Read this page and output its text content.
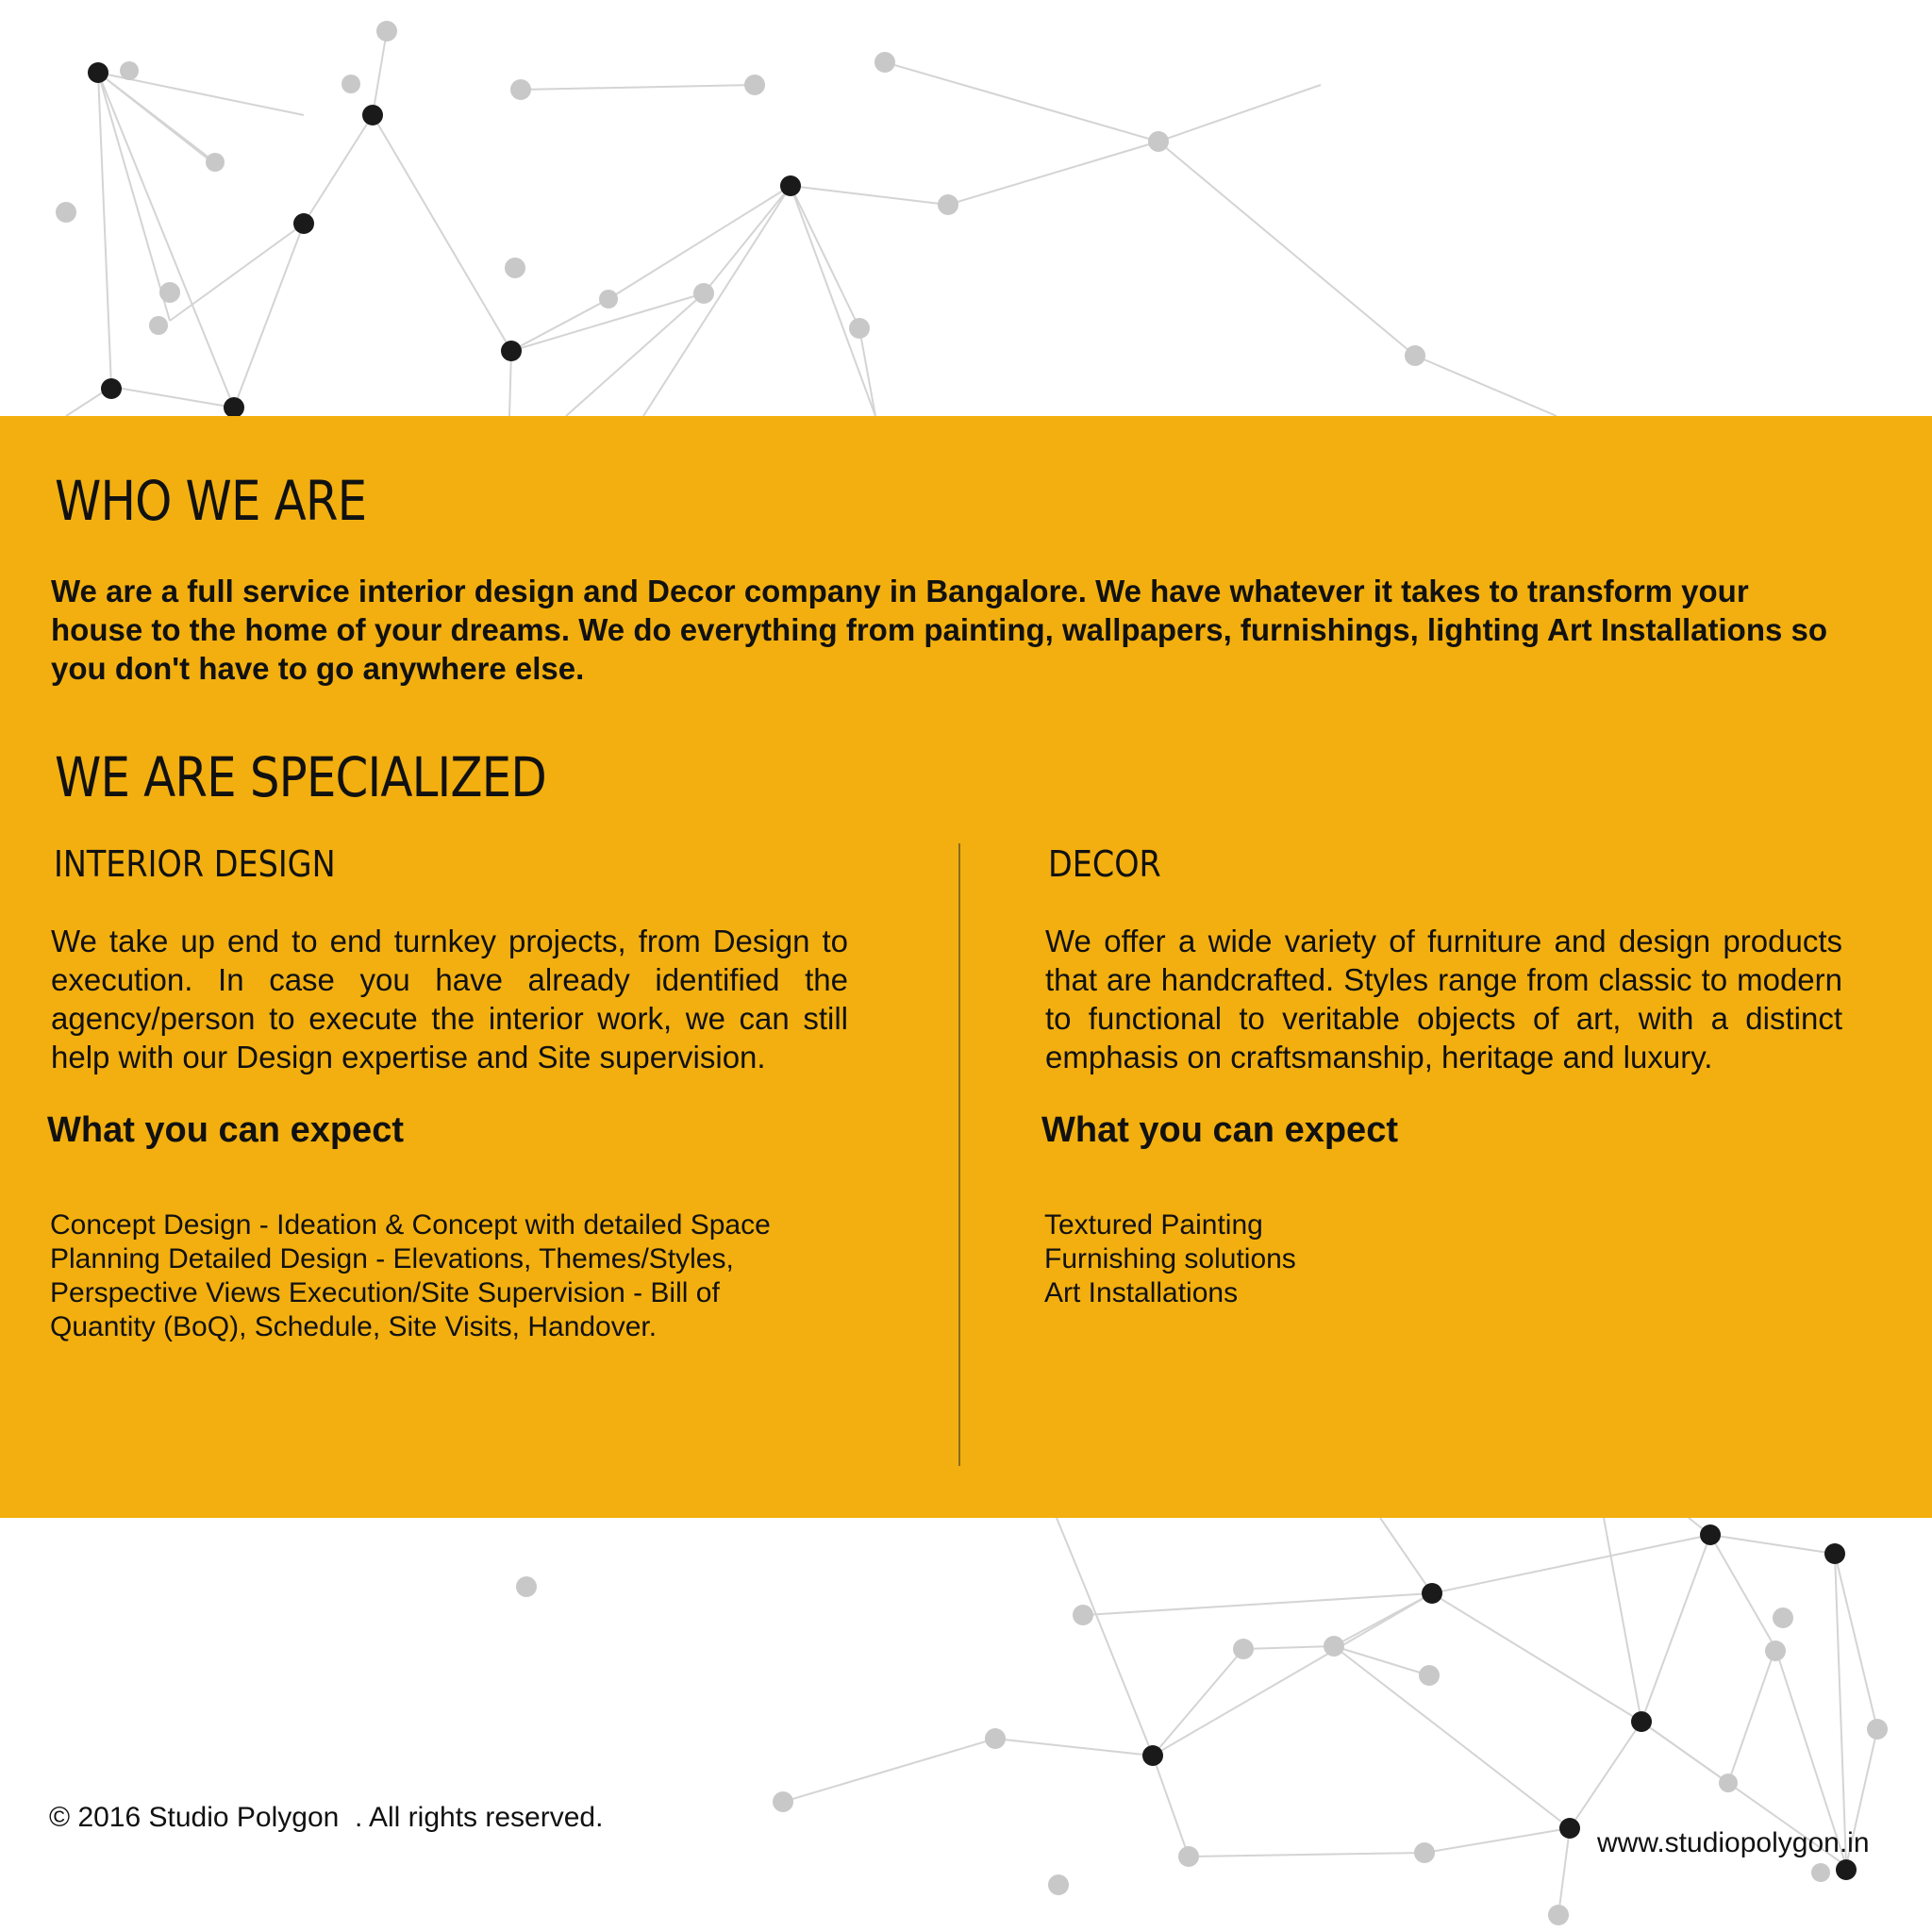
WHO WE ARE

We are a full service interior design and Decor company in Bangalore. We have whatever it takes to transform your house to the home of your dreams. We do everything from painting, wallpapers, furnishings, lighting Art Installations so you don't have to go anywhere else.

WE ARE SPECIALIZED
INTERIOR DESIGN

We take up end to end turnkey projects, from Design to execution. In case you have already identified the agency/person to execute the interior work, we can still help with our Design expertise and Site supervision.

What you can expect
Concept Design - Ideation & Concept with detailed Space
Planning Detailed Design - Elevations, Themes/Styles,
Perspective Views Execution/Site Supervision - Bill of
Quantity (BoQ), Schedule, Site Visits, Handover.
DECOR

We offer a wide variety of furniture and design products that are handcrafted. Styles range from classic to modern to functional to veritable objects of art, with a distinct emphasis on craftsmanship, heritage and luxury.

What you can expect
Textured Painting
Furnishing solutions
Art Installations
© 2016 Studio Polygon  . All rights reserved.
www.studiopolygon.in
